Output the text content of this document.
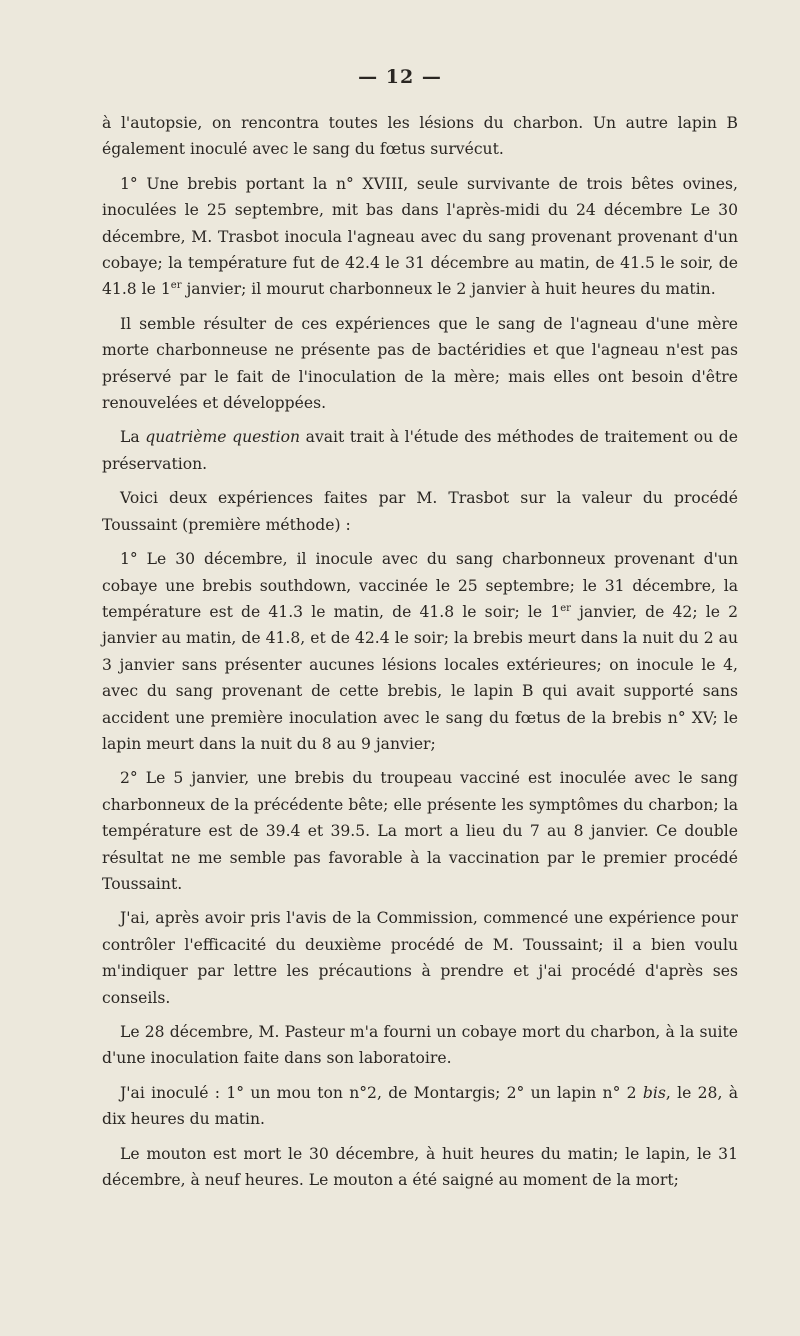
— 12 —

à l'autopsie, on rencontra toutes les lésions du charbon. Un autre lapin B également inoculé avec le sang du fœtus survécut.

1° Une brebis portant la n° XVIII, seule survivante de trois bêtes ovines, inoculées le 25 septembre, mit bas dans l'après-midi du 24 décembre Le 30 décembre, M. Trasbot inocula l'agneau avec du sang provenant provenant d'un cobaye; la température fut de 42.4 le 31 décembre au matin, de 41.5 le soir, de 41.8 le 1er janvier; il mourut charbonneux le 2 janvier à huit heures du matin.

Il semble résulter de ces expériences que le sang de l'agneau d'une mère morte charbonneuse ne présente pas de bactéridies et que l'agneau n'est pas préservé par le fait de l'inoculation de la mère; mais elles ont besoin d'être renouvelées et développées.

La quatrième question avait trait à l'étude des méthodes de traitement ou de préservation.

Voici deux expériences faites par M. Trasbot sur la valeur du procédé Toussaint (première méthode) :

1° Le 30 décembre, il inocule avec du sang charbonneux provenant d'un cobaye une brebis southdown, vaccinée le 25 septembre; le 31 décembre, la température est de 41.3 le matin, de 41.8 le soir; le 1er janvier, de 42; le 2 janvier au matin, de 41.8, et de 42.4 le soir; la brebis meurt dans la nuit du 2 au 3 janvier sans présenter aucunes lésions locales extérieures; on inocule le 4, avec du sang provenant de cette brebis, le lapin B qui avait supporté sans accident une première inoculation avec le sang du fœtus de la brebis n° XV; le lapin meurt dans la nuit du 8 au 9 janvier;

2° Le 5 janvier, une brebis du troupeau vacciné est inoculée avec le sang charbonneux de la précédente bête; elle présente les symptômes du charbon; la température est de 39.4 et 39.5. La mort a lieu du 7 au 8 janvier. Ce double résultat ne me semble pas favorable à la vaccination par le premier procédé Toussaint.

J'ai, après avoir pris l'avis de la Commission, commencé une expérience pour contrôler l'efficacité du deuxième procédé de M. Toussaint; il a bien voulu m'indiquer par lettre les précautions à prendre et j'ai procédé d'après ses conseils.

Le 28 décembre, M. Pasteur m'a fourni un cobaye mort du charbon, à la suite d'une inoculation faite dans son laboratoire.

J'ai inoculé : 1° un mou ton n°2, de Montargis; 2° un lapin n° 2 bis, le 28, à dix heures du matin.

Le mouton est mort le 30 décembre, à huit heures du matin; le lapin, le 31 décembre, à neuf heures. Le mouton a été saigné au moment de la mort;
